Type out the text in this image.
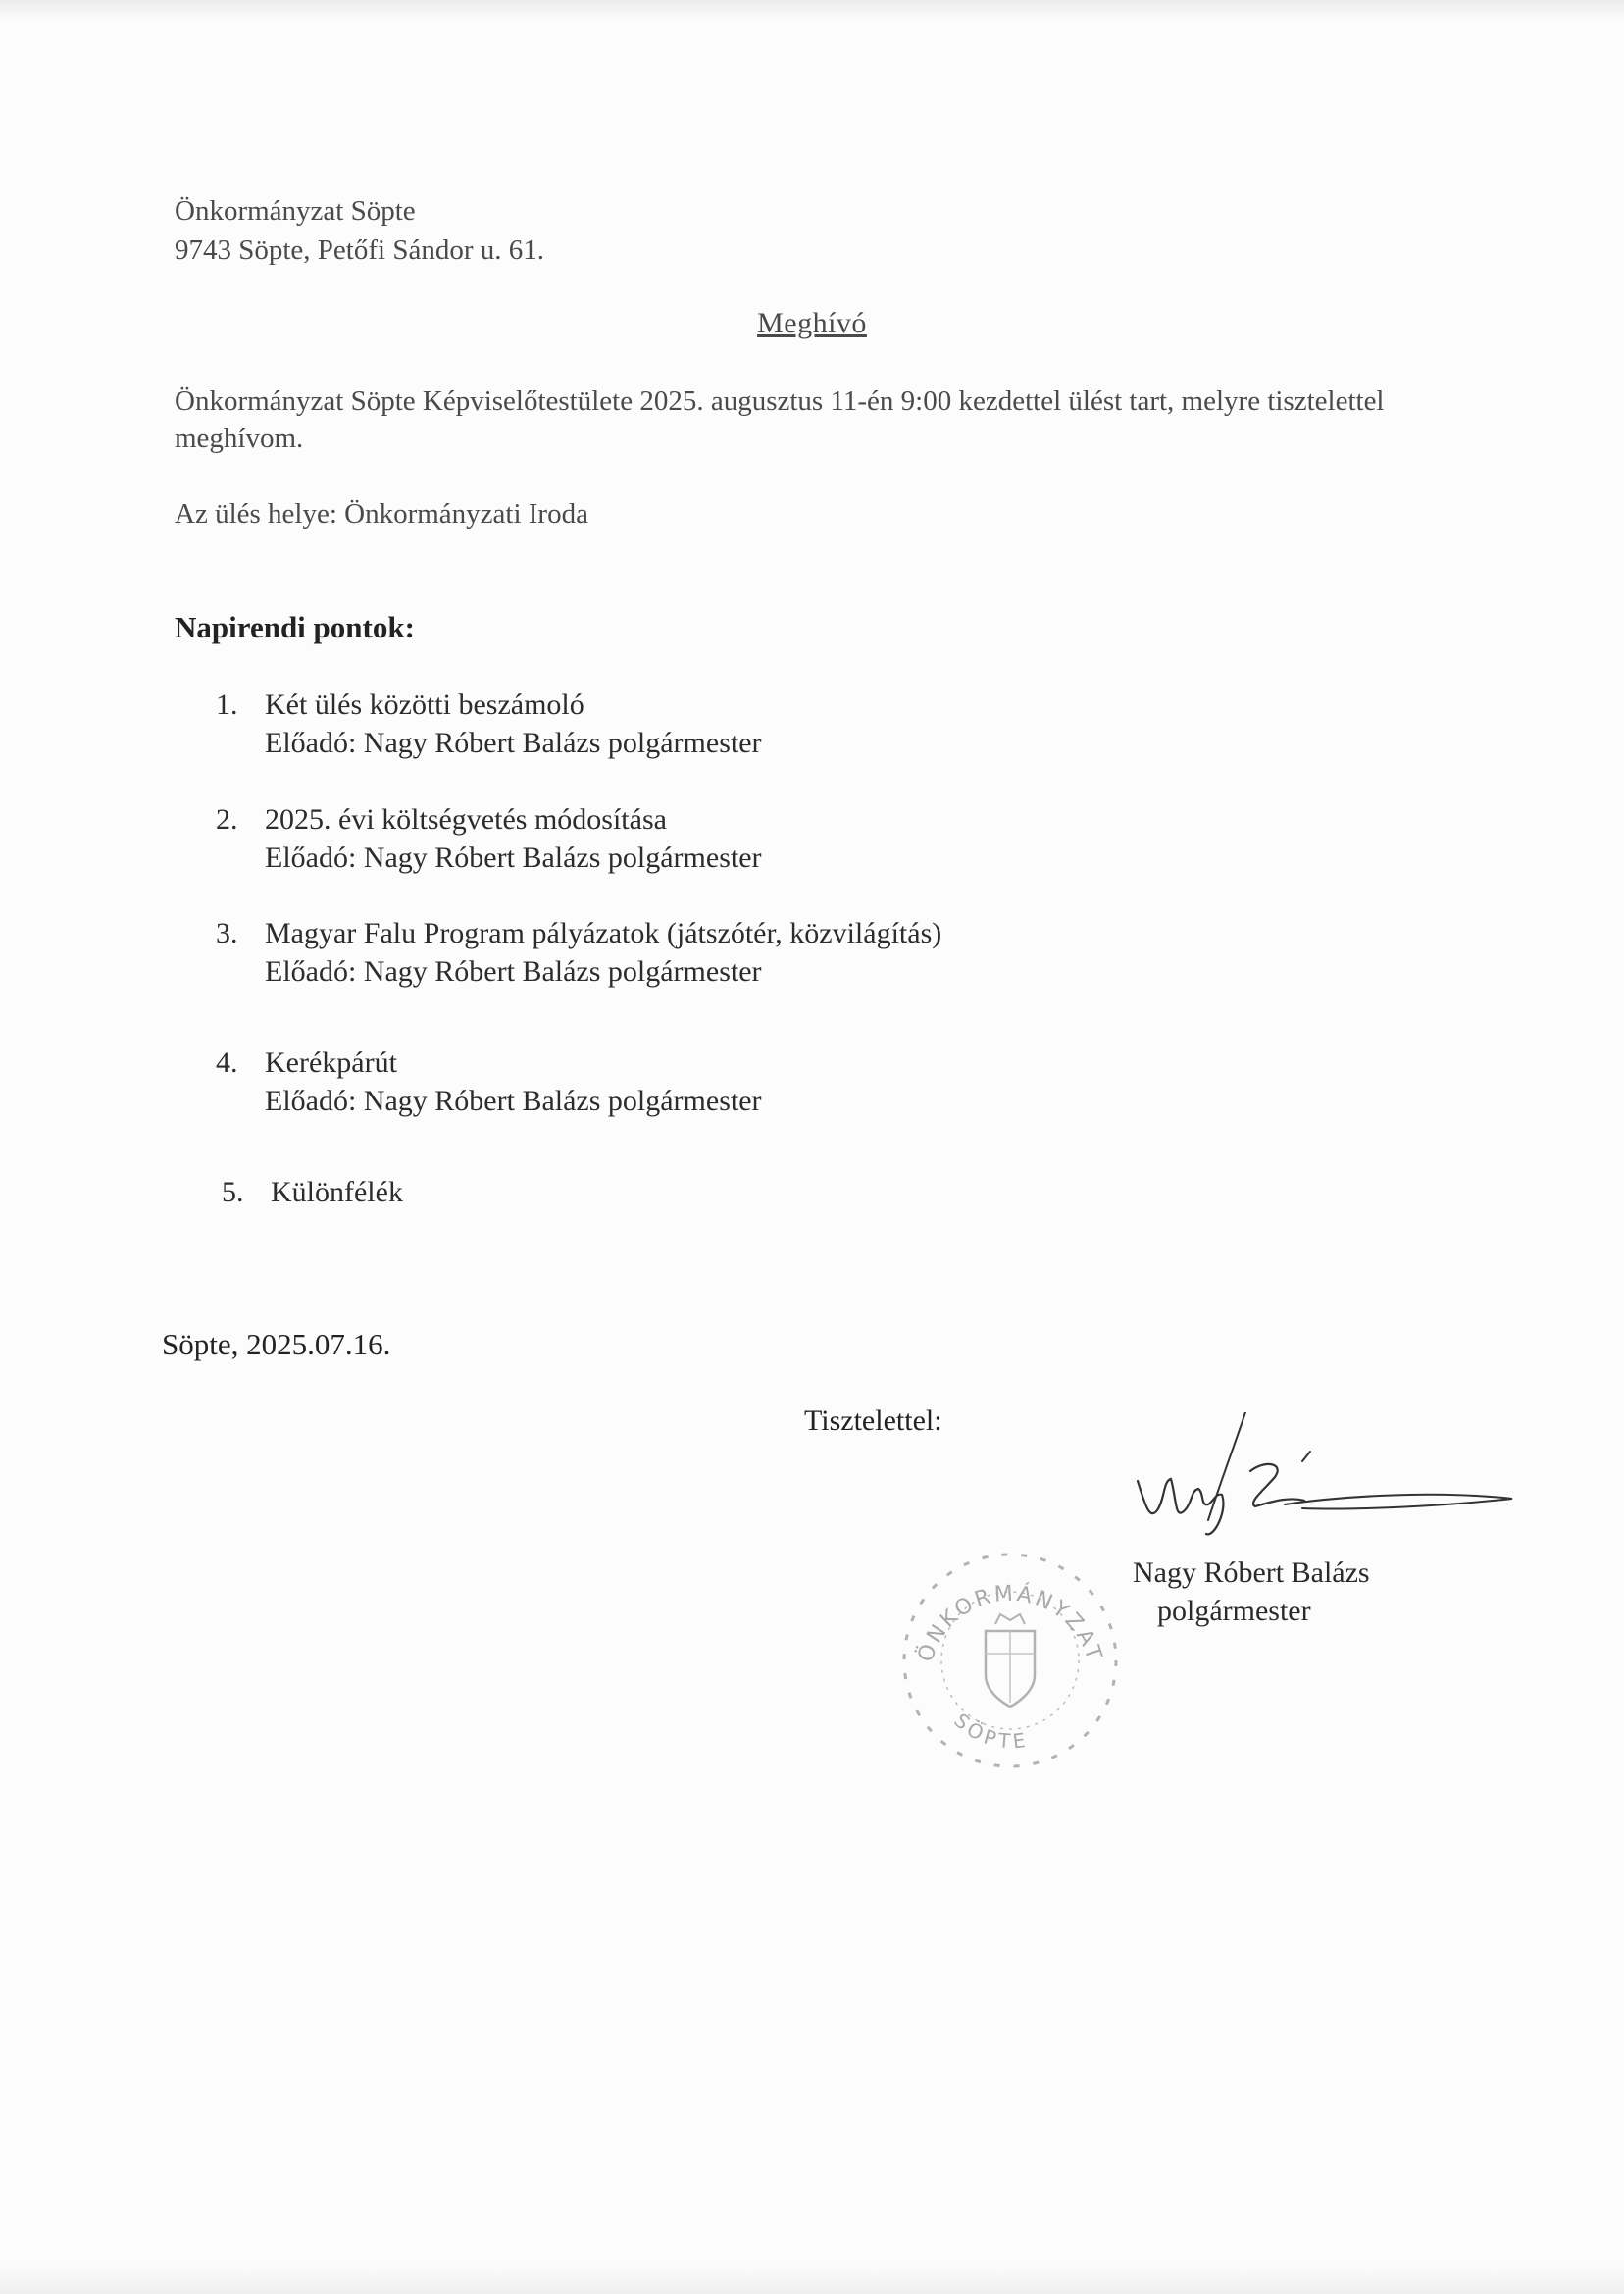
Önkormányzat Söpte
9743 Söpte, Petőfi Sándor u. 61.
Meghívó
Önkormányzat Söpte Képviselőtestülete 2025. augusztus 11-én 9:00 kezdettel ülést tart, melyre tisztelettel meghívom.
Az ülés helye: Önkormányzati Iroda
Napirendi pontok:
1. Két ülés közötti beszámoló
Előadó: Nagy Róbert Balázs polgármester
2. 2025. évi költségvetés módosítása
Előadó: Nagy Róbert Balázs polgármester
3. Magyar Falu Program pályázatok (játszótér, közvilágítás)
Előadó: Nagy Róbert Balázs polgármester
4. Kerékpárút
Előadó: Nagy Róbert Balázs polgármester
5. Különfélék
Söpte, 2025.07.16.
Tisztelettel:
Nagy Róbert Balázs
polgármester
ÖNKORMÁNYZAT
SÖPTE
